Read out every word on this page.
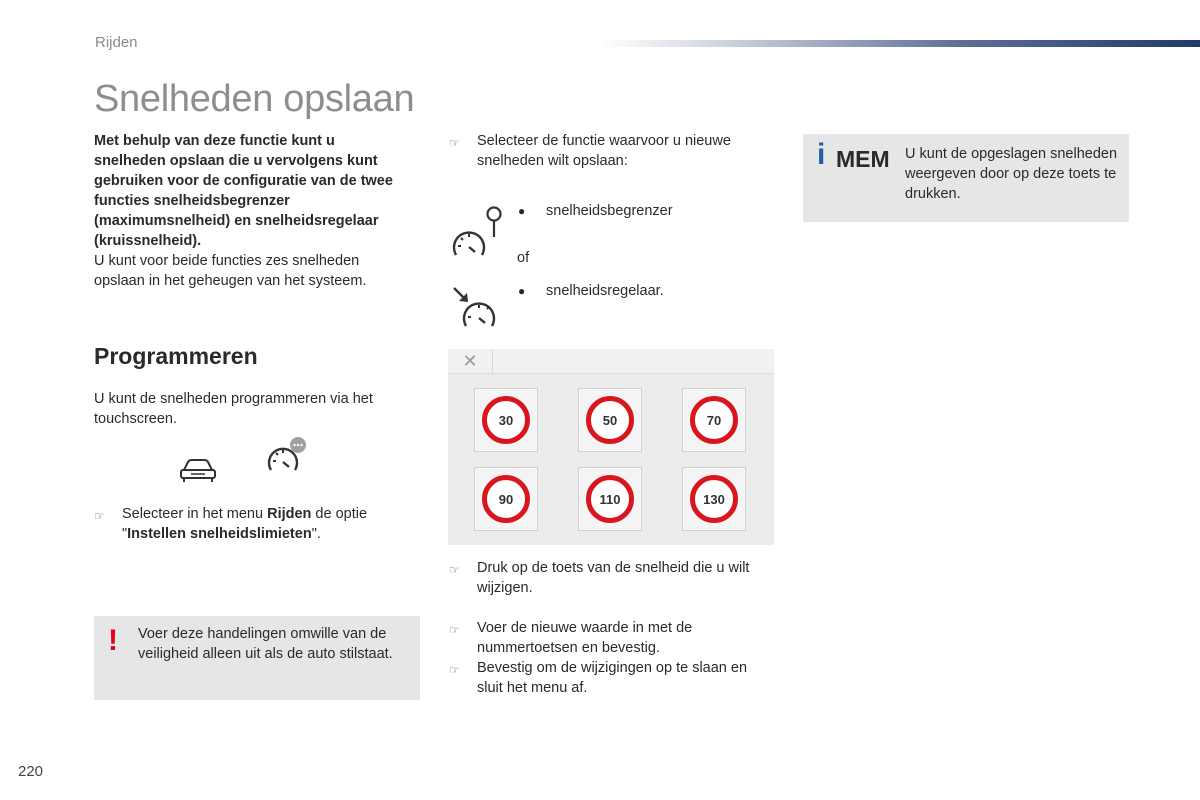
Rijden
Snelheden opslaan
Met behulp van deze functie kunt u snelheden opslaan die u vervolgens kunt gebruiken voor de configuratie van de twee functies snelheidsbegrenzer (maximumsnelheid) en snelheidsregelaar (kruissnelheid).
U kunt voor beide functies zes snelheden opslaan in het geheugen van het systeem.
Programmeren
U kunt de snelheden programmeren via het touchscreen.
☞	Selecteer in het menu Rijden de optie "Instellen snelheidslimieten".
! Voer deze handelingen omwille van de veiligheid alleen uit als de auto stilstaat.
☞	Selecteer de functie waarvoor u nieuwe snelheden wilt opslaan:
●	snelheidsbegrenzer
of
●	snelheidsregelaar.
✕
30	50	70
90	110	130
☞	Druk op de toets van de snelheid die u wilt wijzigen.
☞	Voer de nieuwe waarde in met de nummertoetsen en bevestig.
☞	Bevestig om de wijzigingen op te slaan en sluit het menu af.
i MEM U kunt de opgeslagen snelheden weergeven door op deze toets te drukken.
220
